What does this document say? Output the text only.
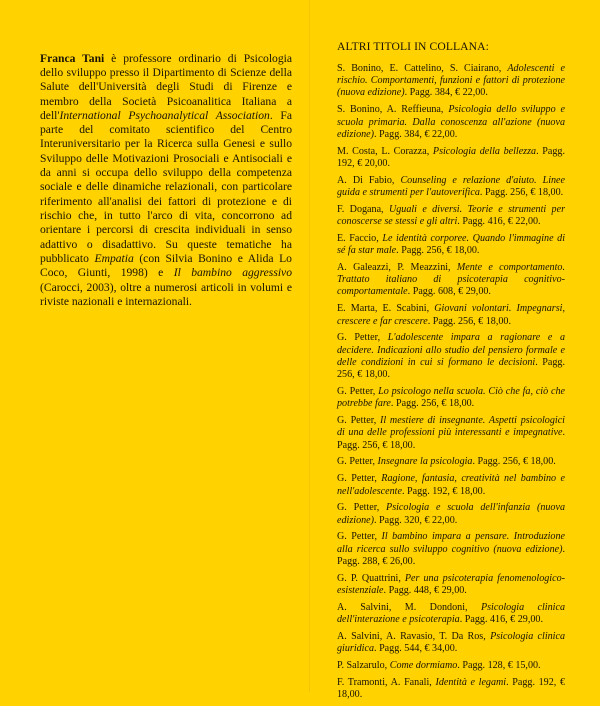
Franca Tani è professore ordinario di Psicologia dello sviluppo presso il Dipartimento di Scienze della Salute dell'Università degli Studi di Firenze e membro della Società Psicoanalitica Italiana a dell'International Psychoanalytical Association. Fa parte del comitato scientifico del Centro Interuniversitario per la Ricerca sulla Genesi e sullo Sviluppo delle Motivazioni Prosociali e Antisociali e da anni si occupa dello sviluppo della competenza sociale e delle dinamiche relazionali, con particolare riferimento all'analisi dei fattori di protezione e di rischio che, in tutto l'arco di vita, concorrono ad orientare i percorsi di crescita individuali in senso adattivo o disadattivo. Su queste tematiche ha pubblicato Empatia (con Silvia Bonino e Alida Lo Coco, Giunti, 1998) e Il bambino aggressivo (Carocci, 2003), oltre a numerosi articoli in volumi e riviste nazionali e internazionali.

ALTRI TITOLI IN COLLANA:

S. Bonino, E. Cattelino, S. Ciairano, Adolescenti e rischio. Comportamenti, funzioni e fattori di protezione (nuova edizione). Pagg. 384, € 22,00.

S. Bonino, A. Reffieuna, Psicologia dello sviluppo e scuola primaria. Dalla conoscenza all'azione (nuova edizione). Pagg. 384, € 22,00.

M. Costa, L. Corazza, Psicologia della bellezza. Pagg. 192, € 20,00.

A. Di Fabio, Counseling e relazione d'aiuto. Linee guida e strumenti per l'autoverifica. Pagg. 256, € 18,00.

F. Dogana, Uguali e diversi. Teorie e strumenti per conoscerse se stessi e gli altri. Pagg. 416, € 22,00.

E. Faccio, Le identità corporee. Quando l'immagine di sé fa star male. Pagg. 256, € 18,00.

A. Galeazzi, P. Meazzini, Mente e comportamento. Trattato italiano di psicoterapia cognitivo-comportamentale. Pagg. 608, € 29,00.

E. Marta, E. Scabini, Giovani volontari. Impegnarsi, crescere e far crescere. Pagg. 256, € 18,00.

G. Petter, L'adolescente impara a ragionare e a decidere. Indicazioni allo studio del pensiero formale e delle condizioni in cui si formano le decisioni. Pagg. 256, € 18,00.

G. Petter, Lo psicologo nella scuola. Ciò che fa, ciò che potrebbe fare. Pagg. 256, € 18,00.

G. Petter, Il mestiere di insegnante. Aspetti psicologici di una delle professioni più interessanti e impegnative. Pagg. 256, € 18,00.

G. Petter, Insegnare la psicologia. Pagg. 256, € 18,00.

G. Petter, Ragione, fantasia, creatività nel bambino e nell'adolescente. Pagg. 192, € 18,00.

G. Petter, Psicologia e scuola dell'infanzia (nuova edizione). Pagg. 320, € 22,00.

G. Petter, Il bambino impara a pensare. Introduzione alla ricerca sullo sviluppo cognitivo (nuova edizione). Pagg. 288, € 26,00.

G. P. Quattrini, Per una psicoterapia fenomenologico-esistenziale. Pagg. 448, € 29,00.

A. Salvini, M. Dondoni, Psicologia clinica dell'interazione e psicoterapia. Pagg. 416, € 29,00.

A. Salvini, A. Ravasio, T. Da Ros, Psicologia clinica giuridica. Pagg. 544, € 34,00.

P. Salzarulo, Come dormiamo. Pagg. 128, € 15,00.

F. Tramonti, A. Fanali, Identità e legami. Pagg. 192, € 18,00.
